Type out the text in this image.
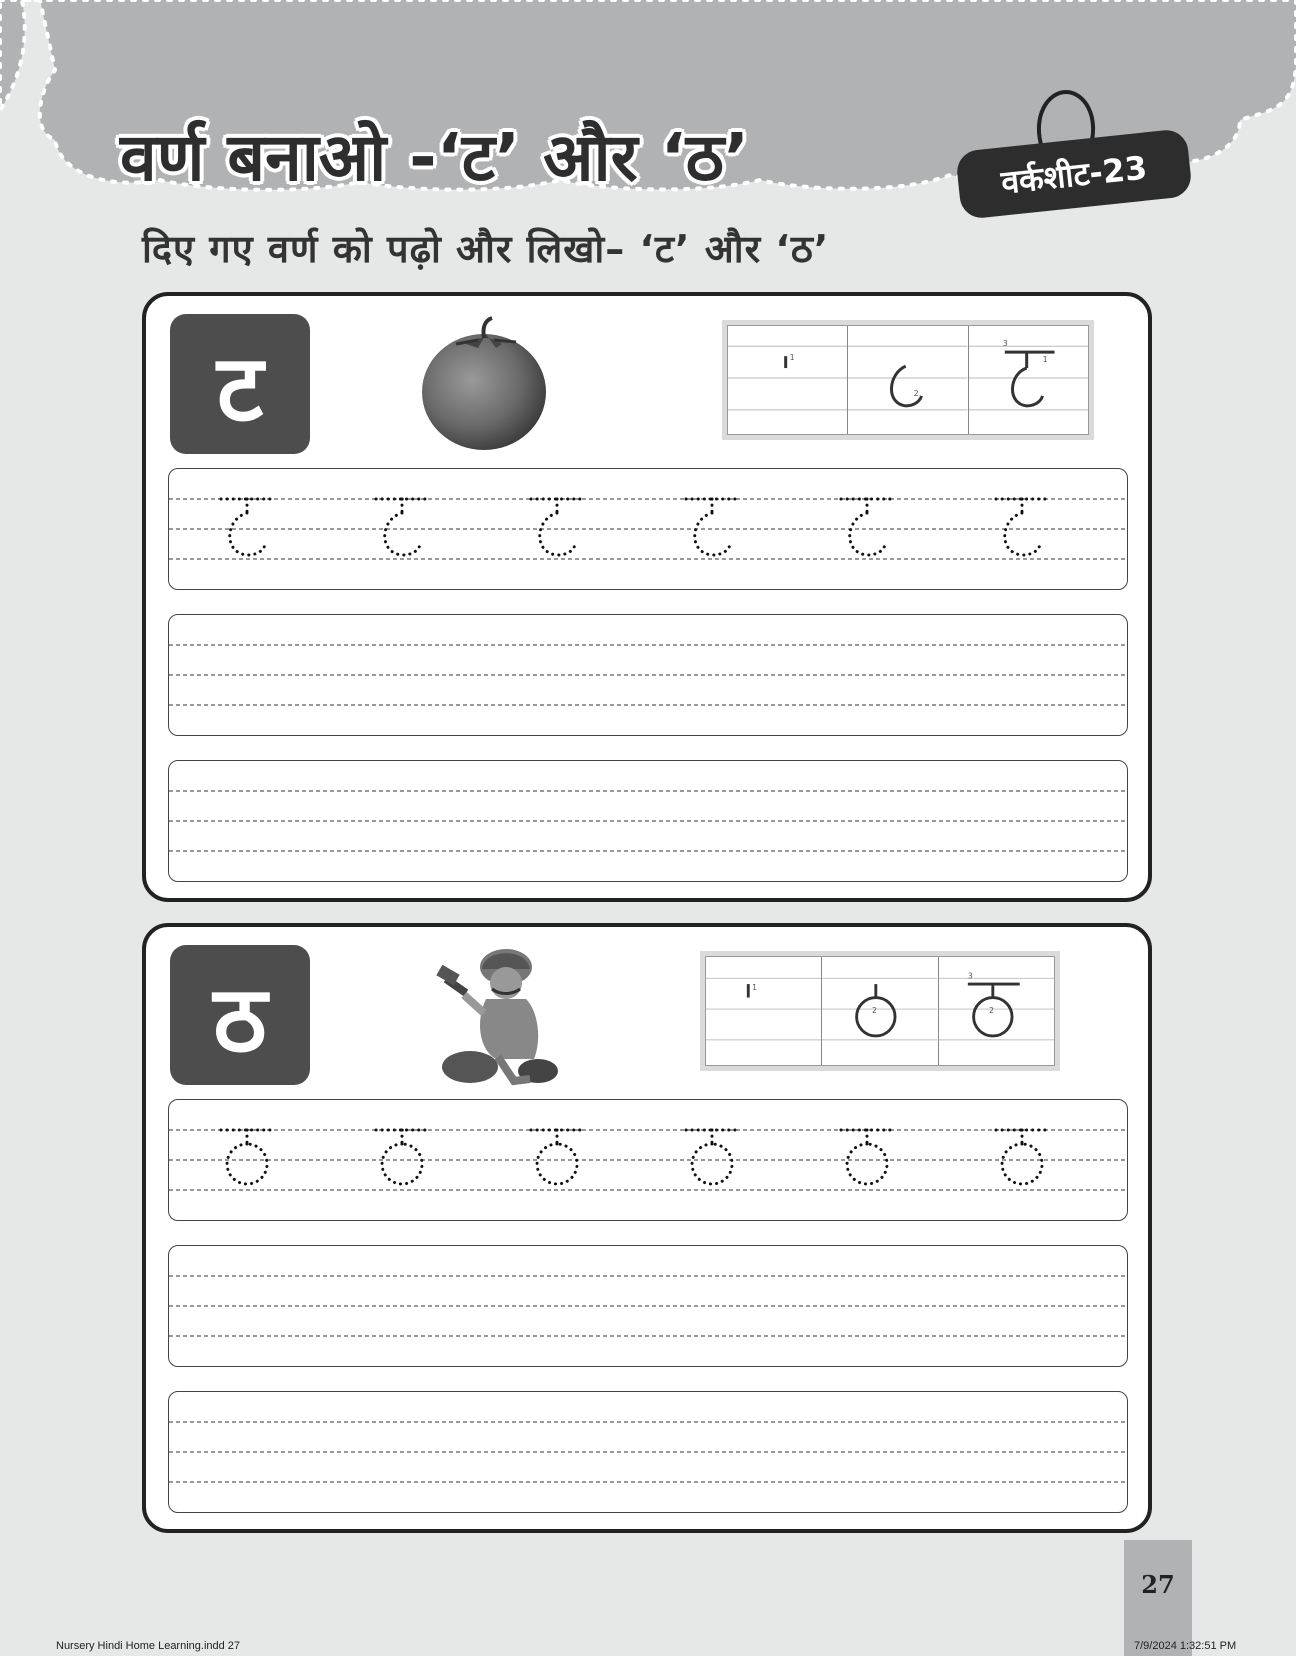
वर्ण बनाओ -‘ट’ और ‘ठ’	वर्कशीट-23
दिए गए वर्ण को पढ़ो और लिखो– ‘ट’ और ‘ठ’
ट	1
2
3
1
ठ	1
2
3
2
27
Nursery Hindi Home Learning.indd 27	7/9/2024 1:32:51 PM
